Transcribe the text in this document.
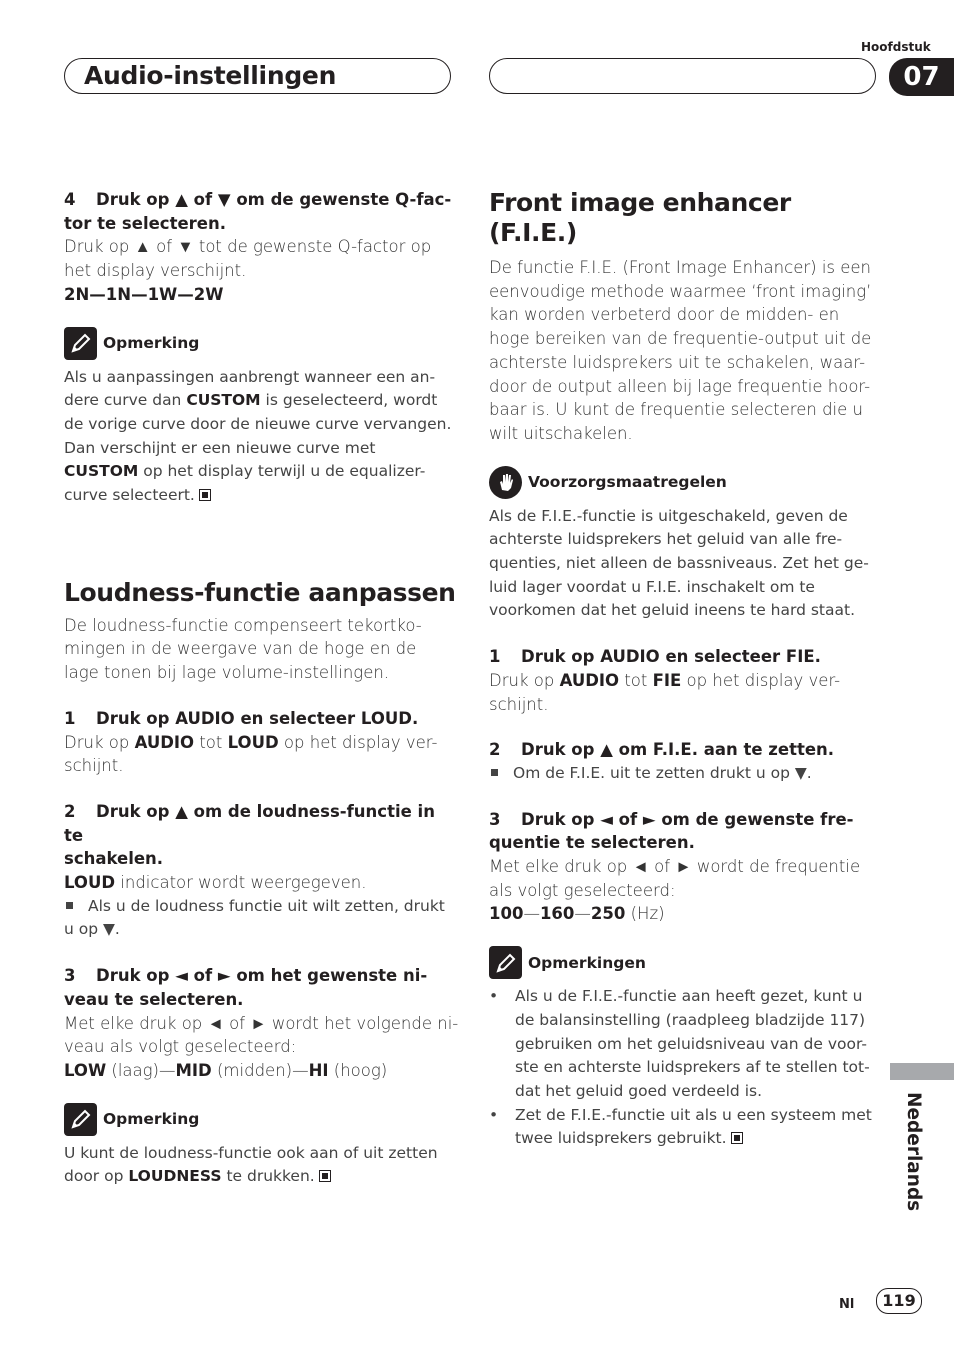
Audio-instellingen
Hoofdstuk
07
4 Druk op ▲ of ▼ om de gewenste Q-fac-
tor te selecteren.
Druk op ▲ of ▼ tot de gewenste Q-factor op
het display verschijnt.
2N—1N—1W—2W
Opmerking
Als u aanpassingen aanbrengt wanneer een an-
dere curve dan CUSTOM is geselecteerd, wordt
de vorige curve door de nieuwe curve vervangen.
Dan verschijnt er een nieuwe curve met
CUSTOM op het display terwijl u de equalizer-
curve selecteert.
Loudness-functie aanpassen
De loudness-functie compenseert tekortko-
mingen in de weergave van de hoge en de
lage tonen bij lage volume-instellingen.
1 Druk op AUDIO en selecteer LOUD.
Druk op AUDIO tot LOUD op het display ver-
schijnt.
2 Druk op ▲ om de loudness-functie in te
schakelen.
LOUD indicator wordt weergegeven.
Als u de loudness functie uit wilt zetten, drukt
u op ▼.
3 Druk op ◄ of ► om het gewenste ni-
veau te selecteren.
Met elke druk op ◄ of ► wordt het volgende ni-
veau als volgt geselecteerd:
LOW (laag)—MID (midden)—HI (hoog)
Opmerking
U kunt de loudness-functie ook aan of uit zetten
door op LOUDNESS te drukken.
Front image enhancer (F.I.E.)
De functie F.I.E. (Front Image Enhancer) is een
eenvoudige methode waarmee ‘front imaging’
kan worden verbeterd door de midden- en
hoge bereiken van de frequentie-output uit de
achterste luidsprekers uit te schakelen, waar-
door de output alleen bij lage frequentie hoor-
baar is. U kunt de frequentie selecteren die u
wilt uitschakelen.
Voorzorgsmaatregelen
Als de F.I.E.-functie is uitgeschakeld, geven de
achterste luidsprekers het geluid van alle fre-
quenties, niet alleen de bassniveaus. Zet het ge-
luid lager voordat u F.I.E. inschakelt om te
voorkomen dat het geluid ineens te hard staat.
1 Druk op AUDIO en selecteer FIE.
Druk op AUDIO tot FIE op het display ver-
schijnt.
2 Druk op ▲ om F.I.E. aan te zetten.
Om de F.I.E. uit te zetten drukt u op ▼.
3 Druk op ◄ of ► om de gewenste fre-
quentie te selecteren.
Met elke druk op ◄ of ► wordt de frequentie
als volgt geselecteerd:
100—160—250 (Hz)
Opmerkingen
•	Als u de F.I.E.-functie aan heeft gezet, kunt u
de balansinstelling (raadpleeg bladzijde 117)
gebruiken om het geluidsniveau van de voor-
ste en achterste luidsprekers af te stellen tot-
dat het geluid goed verdeeld is.
•	Zet de F.I.E.-functie uit als u een systeem met
twee luidsprekers gebruikt.	Nederlands
Nl	119
